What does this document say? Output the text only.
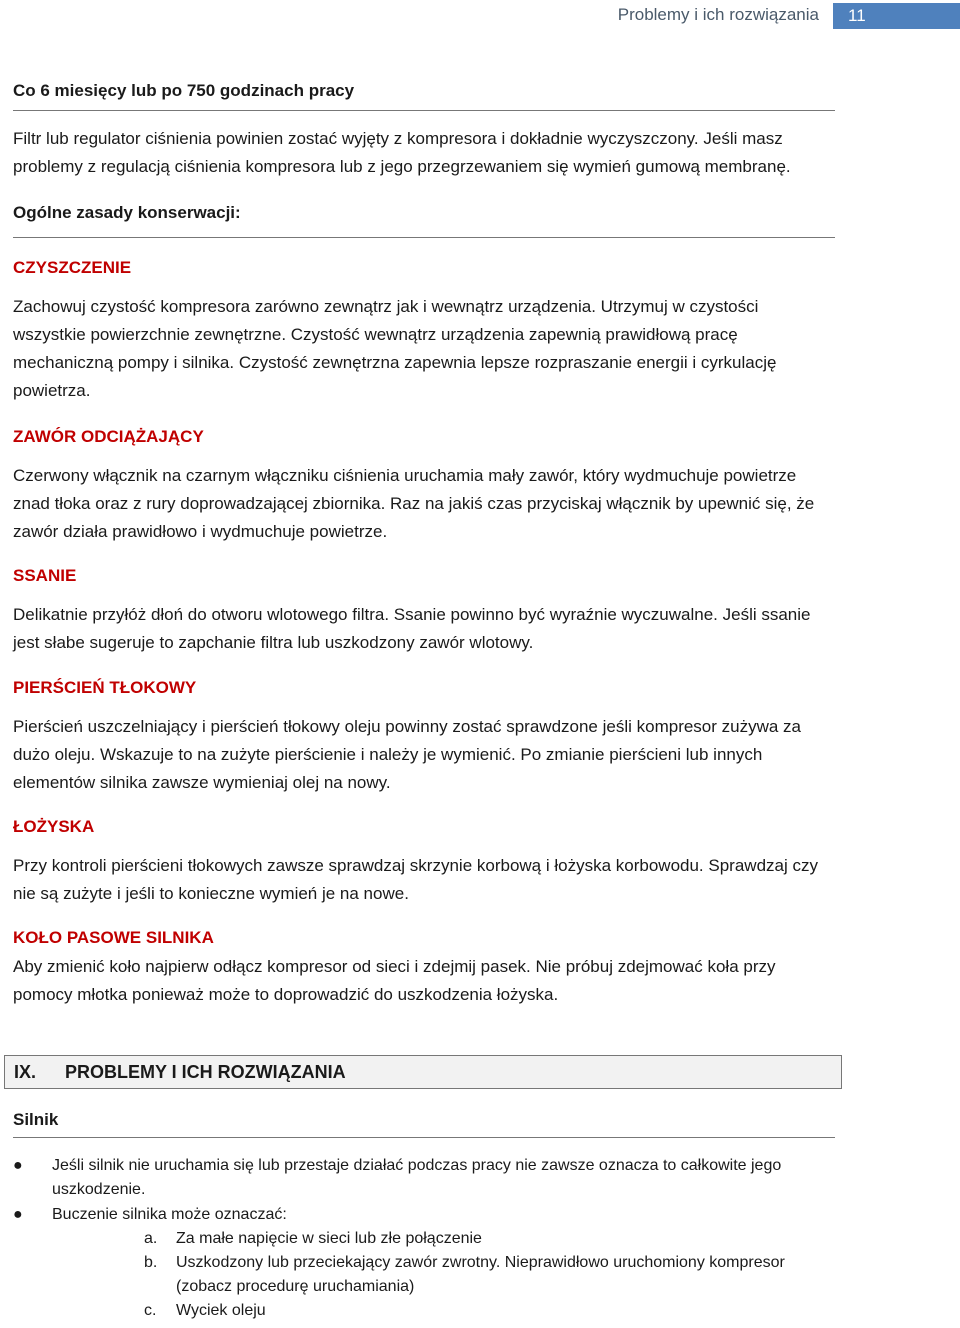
Problemy i ich rozwiązania	11
Co 6 miesięcy lub po 750 godzinach pracy

Filtr lub regulator ciśnienia powinien zostać wyjęty z kompresora i dokładnie wyczyszczony. Jeśli masz problemy z regulacją ciśnienia kompresora lub z jego przegrzewaniem się wymień gumową membranę.

Ogólne zasady konserwacji:
CZYSZCZENIE

Zachowuj czystość kompresora zarówno zewnątrz jak i wewnątrz urządzenia. Utrzymuj w czystości wszystkie powierzchnie zewnętrzne. Czystość wewnątrz urządzenia zapewnią prawidłową pracę mechaniczną pompy i silnika. Czystość zewnętrzna zapewnia lepsze rozpraszanie energii i cyrkulację powietrza.

ZAWÓR ODCIĄŻAJĄCY

Czerwony włącznik na czarnym włączniku ciśnienia uruchamia mały zawór, który wydmuchuje powietrze znad tłoka oraz z rury doprowadzającej zbiornika. Raz na jakiś czas przyciskaj włącznik by upewnić się, że zawór działa prawidłowo i wydmuchuje powietrze.

SSANIE

Delikatnie przyłóż dłoń do otworu wlotowego filtra. Ssanie powinno być wyraźnie wyczuwalne. Jeśli ssanie jest słabe sugeruje to zapchanie filtra lub uszkodzony zawór wlotowy.

PIERŚCIEŃ TŁOKOWY

Pierścień uszczelniający i pierścień tłokowy oleju powinny zostać sprawdzone jeśli kompresor zużywa za dużo oleju. Wskazuje to na zużyte pierścienie i należy je wymienić. Po zmianie pierścieni lub innych elementów silnika zawsze wymieniaj olej na nowy.

ŁOŻYSKA

Przy kontroli pierścieni tłokowych zawsze sprawdzaj skrzynie korbową i łożyska korbowodu. Sprawdzaj czy nie są zużyte i jeśli to konieczne wymień je na nowe.

KOŁO PASOWE SILNIKA

Aby zmienić koło najpierw odłącz kompresor od sieci i zdejmij pasek. Nie próbuj zdejmować koła przy pomocy młotka ponieważ może to doprowadzić do uszkodzenia łożyska.

IX. PROBLEMY I ICH ROZWIĄZANIA
Silnik
● Jeśli silnik nie uruchamia się lub przestaje działać podczas pracy nie zawsze oznacza to całkowite jego uszkodzenie.
● Buczenie silnika może oznaczać:
a. Za małe napięcie w sieci lub złe połączenie
b. Uszkodzony lub przeciekający zawór zwrotny. Nieprawidłowo uruchomiony kompresor (zobacz procedurę uruchamiania)
c. Wyciek oleju
